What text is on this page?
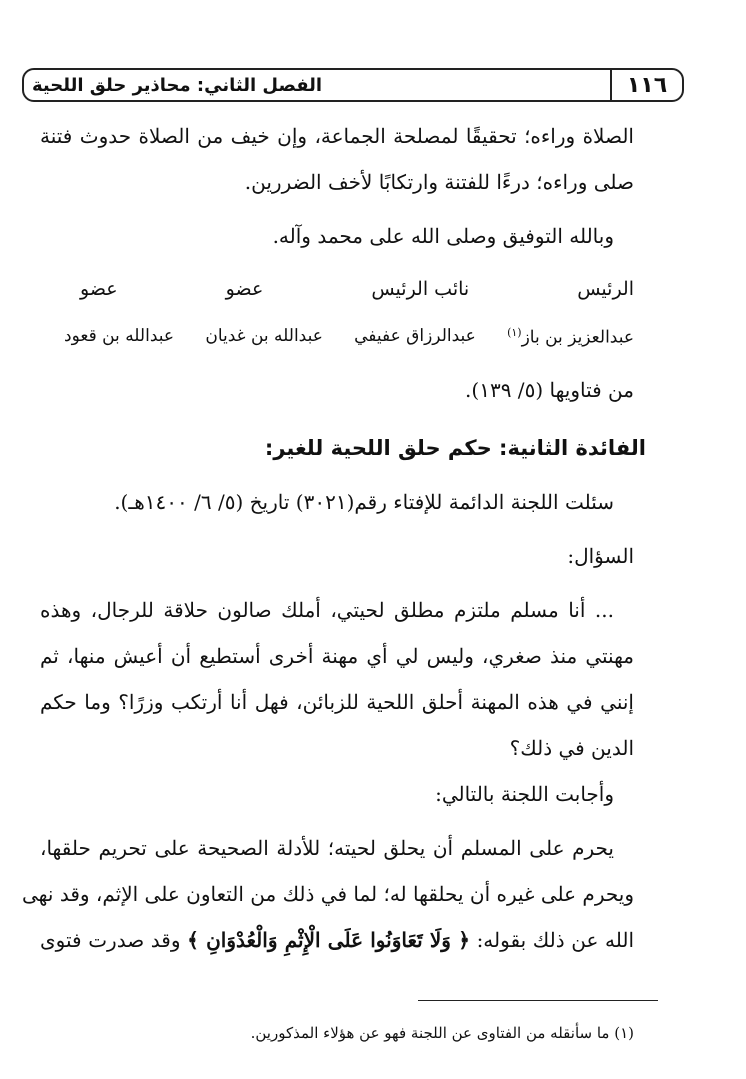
الفصل الثاني: محاذير حلق اللحية	١١٦
الصلاة وراءه؛ تحقيقًا لمصلحة الجماعة، وإن خيف من الصلاة حدوث فتنة
صلى وراءه؛ درءًا للفتنة وارتكابًا لأخف الضررين.
وبالله التوفيق وصلى الله على محمد وآله.
الرئيس
نائب الرئيس
عضو
عضو
عبدالعزيز بن باز$^{(١)}$
عبدالرزاق عفيفي
عبدالله بن غديان
عبدالله بن قعود
من فتاويها (٥/ ١٣٩).
الفائدة الثانية: حكم حلق اللحية للغير:
سئلت اللجنة الدائمة للإفتاء رقم(٣٠٢١) تاريخ (٥/ ٦/ ١٤٠٠هـ).
السؤال:
... أنا مسلم ملتزم مطلق لحيتي، أملك صالون حلاقة للرجال، وهذه
مهنتي منذ صغري، وليس لي أي مهنة أخرى أستطيع أن أعيش منها، ثم
إنني في هذه المهنة أحلق اللحية للزبائن، فهل أنا أرتكب وزرًا؟ وما حكم
الدين في ذلك؟
وأجابت اللجنة بالتالي:
يحرم على المسلم أن يحلق لحيته؛ للأدلة الصحيحة على تحريم حلقها،
ويحرم على غيره أن يحلقها له؛ لما في ذلك من التعاون على الإثم، وقد نهى
الله عن ذلك بقوله: ﴿ وَلَا تَعَاوَنُوا عَلَى الْإِثْمِ وَالْعُدْوَانِ ﴾ وقد صدرت فتوى
(١) ما سأنقله من الفتاوى عن اللجنة فهو عن هؤلاء المذكورين.
